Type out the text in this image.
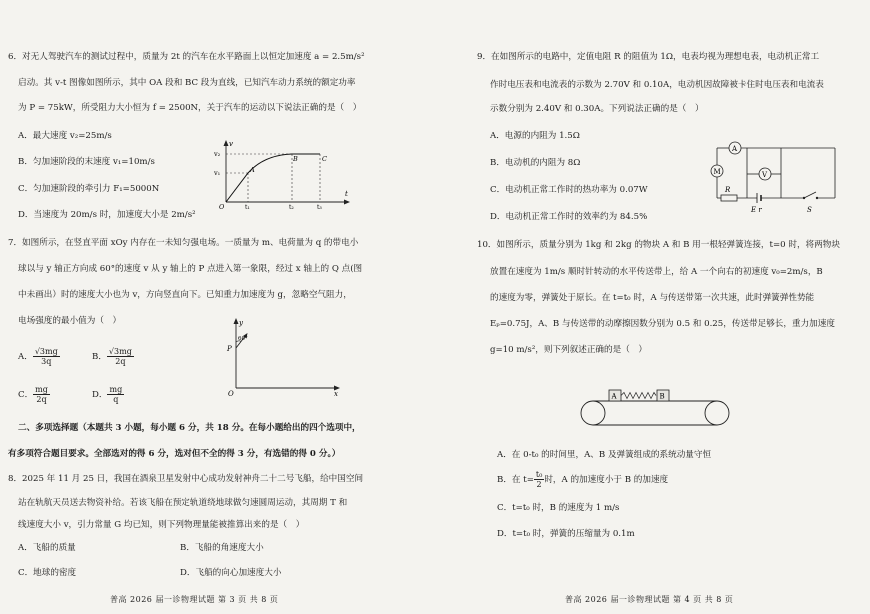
6．对无人驾驶汽车的测试过程中，质量为 2t 的汽车在水平路面上以恒定加速度 a = 2.5m/s²
启动。其 v-t 图像如图所示，其中 OA 段和 BC 段为直线，已知汽车动力系统的额定功率
为 P = 75kW，所受阻力大小恒为 f = 2500N，关于汽车的运动以下说法正确的是（　）
A．最大速度 v₂=25m/s
B．匀加速阶段的末速度 v₁=10m/s
C．匀加速阶段的牵引力 F₁=5000N
D．当速度为 20m/s 时，加速度大小是 2m/s²
v
t
v₂
v₁
O
A
B	C
t₁	t₂	t₃
7．如图所示，在竖直平面 xOy 内存在一未知匀强电场。一质量为 m、电荷量为 q 的带电小
球以与 y 轴正方向成 60°的速度 v 从 y 轴上的 P 点进入第一象限，经过 x 轴上的 Q 点(图
中未画出）时的速度大小也为 v，方向竖直向下。已知重力加速度为 g，忽略空气阻力，
电场强度的最小值为（　）
A． $\frac{√3mg}{3q}$	B． $\frac{√3mg}{2q}$
C． $\frac{mg}{2q}$	D． $\frac{mg}{q}$
y
x
O
P
60°
二、多项选择题（本题共 3 小题，每小题 6 分，共 18 分。在每小题给出的四个选项中，
有多项符合题目要求。全部选对的得 6 分，选对但不全的得 3 分，有选错的得 0 分。）
8．2025 年 11 月 25 日，我国在酒泉卫星发射中心成功发射神舟二十二号飞船，给中国空间
站在轨航天员送去物资补给。若该飞船在预定轨道绕地球做匀速圆周运动，其周期 T 和
线速度大小 v，引力常量 G 均已知，则下列物理量能被推算出来的是（　）
A．飞船的质量	B．飞船的角速度大小
C．地球的密度	D．飞船的向心加速度大小
普高 2026 届一诊物理试题 第 3 页 共 8 页
9．在如图所示的电路中，定值电阻 R 的阻值为 1Ω，电表均视为理想电表，电动机正常工
作时电压表和电流表的示数为 2.70V 和 0.10A，电动机因故障被卡住时电压表和电流表
示数分别为 2.40V 和 0.30A。下列说法正确的是（　）
A．电源的内阻为 1.5Ω
B．电动机的内阻为 8Ω
C．电动机正常工作时的热功率为 0.07W
D．电动机正常工作时的效率约为 84.5%
A
M	V
R
E r	S
10．如图所示，质量分别为 1kg 和 2kg 的物块 A 和 B 用一根轻弹簧连接，t=0 时，将两物块
放置在速度为 1m/s 顺时针转动的水平传送带上，给 A 一个向右的初速度 v₀=2m/s，B
的速度为零，弹簧处于原长。在 t=t₀ 时，A 与传送带第一次共速，此时弹簧弹性势能
Eₚ=0.75J，A、B 与传送带的动摩擦因数分别为 0.5 和 0.25，传送带足够长，重力加速度
g=10 m/s²，则下列叙述正确的是（　）
A	B
A．在 0-t₀ 的时间里，A、B 及弹簧组成的系统动量守恒
B．在 $t= \frac{\text{t₀}}{2}$ 时，A 的加速度小于 B 的加速度
C．t=t₀ 时，B 的速度为 1 m/s
D．t=t₀ 时，弹簧的压缩量为 0.1m
普高 2026 届一诊物理试题 第 4 页 共 8 页
